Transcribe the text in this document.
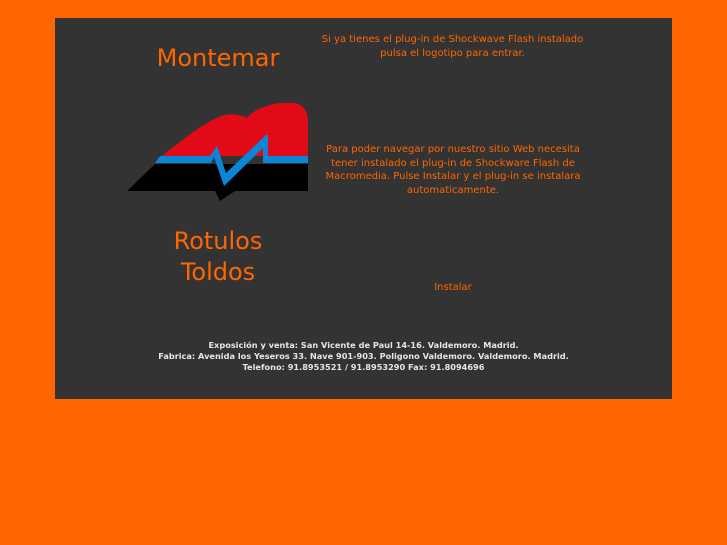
Montemar
Rotulos
Toldos
Si ya tienes el plug-in de Shockwave Flash instalado
pulsa el logotipo para entrar.
Para poder navegar por nuestro sitio Web necesita tener instalado el plug-in de Shockware Flash de Macromedia. Pulse Instalar y el plug-in se instalara automaticamente.
Instalar
Exposición y venta: San Vicente de Paul 14-16. Valdemoro. Madrid.
Fabrica: Avenida los Yeseros 33. Nave 901-903. Poligono Valdemoro. Valdemoro. Madrid.
Telefono: 91.8953521 / 91.8953290 Fax: 91.8094696
